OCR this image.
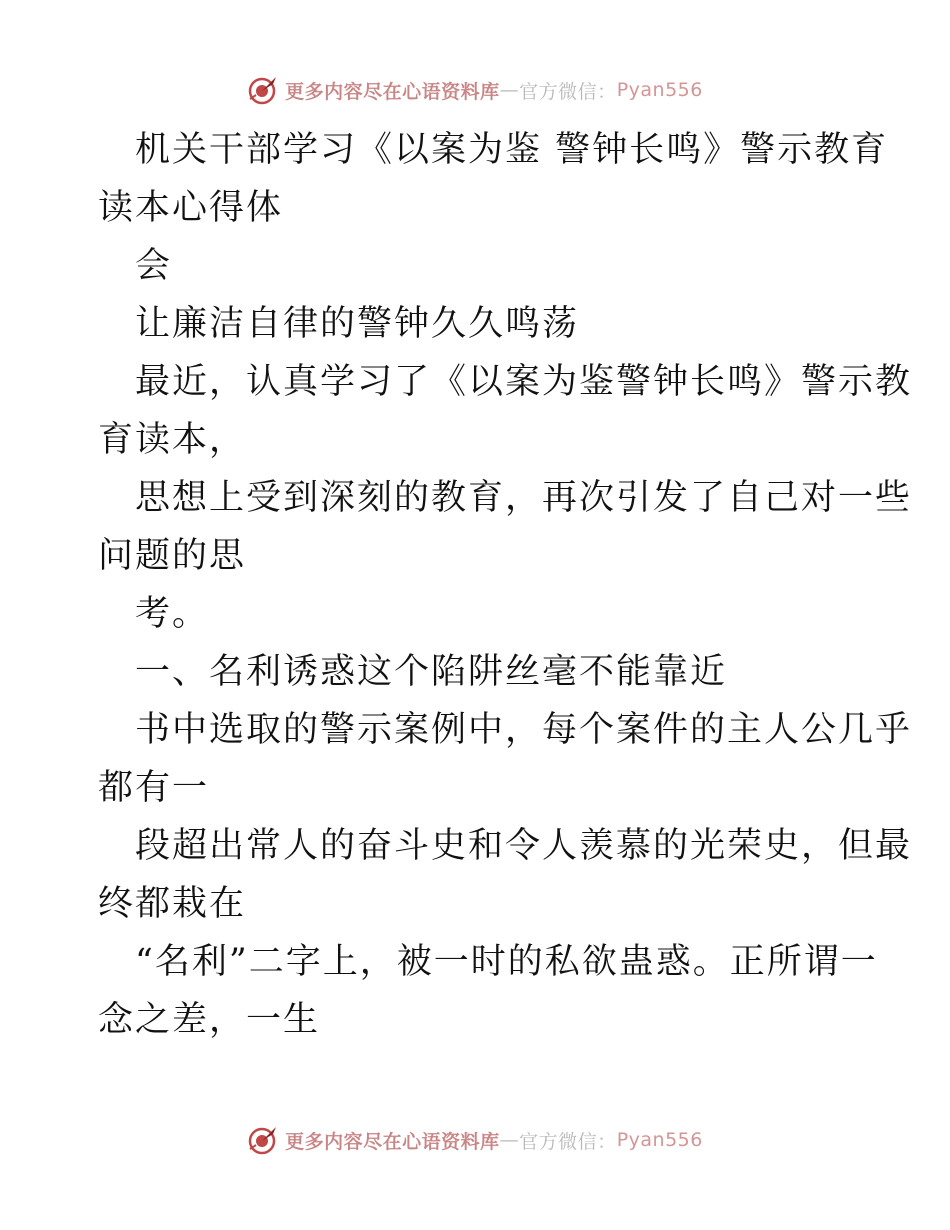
更多内容尽在心语资料库 — 官方微信： Pyan556
机关干部学习《以案为鉴 警钟长鸣》警示教育
读本心得体
会
让廉洁自律的警钟久久鸣荡
最近，认真学习了《以案为鉴警钟长鸣》警示教
育读本，
思想上受到深刻的教育，再次引发了自己对一些
问题的思
考。
一、名利诱惑这个陷阱丝毫不能靠近
书中选取的警示案例中，每个案件的主人公几乎
都有一
段超出常人的奋斗史和令人羡慕的光荣史，但最
终都栽在
“名利”二字上，被一时的私欲蛊惑。正所谓一
念之差，一生
更多内容尽在心语资料库 — 官方微信： Pyan556
